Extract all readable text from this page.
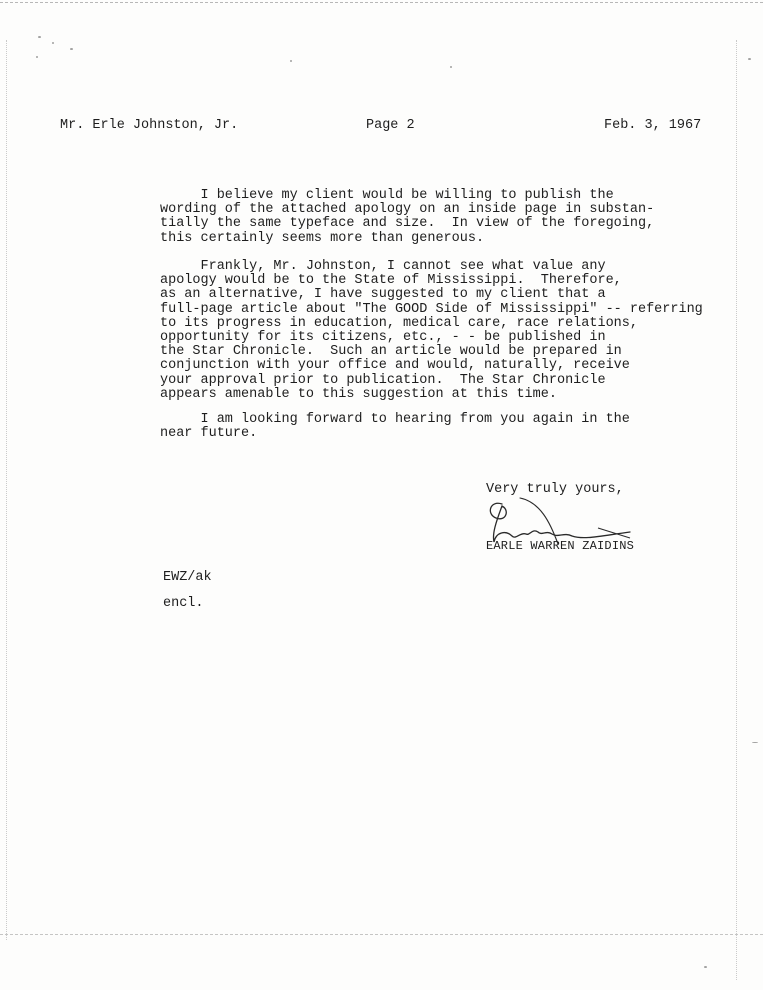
Mr. Erle Johnston, Jr.	Page 2	Feb. 3, 1967

I believe my client would be willing to publish the
wording of the attached apology on an inside page in substan-
tially the same typeface and size.  In view of the foregoing,
this certainly seems more than generous.

Frankly, Mr. Johnston, I cannot see what value any
apology would be to the State of Mississippi.  Therefore,
as an alternative, I have suggested to my client that a
full-page article about "The GOOD Side of Mississippi" -- referring
to its progress in education, medical care, race relations,
opportunity for its citizens, etc., - - be published in
the Star Chronicle.  Such an article would be prepared in
conjunction with your office and would, naturally, receive
your approval prior to publication.  The Star Chronicle
appears amenable to this suggestion at this time.

I am looking forward to hearing from you again in the
near future.

Very truly yours,
EARLE WARREN ZAIDINS
EWZ/ak
encl.
